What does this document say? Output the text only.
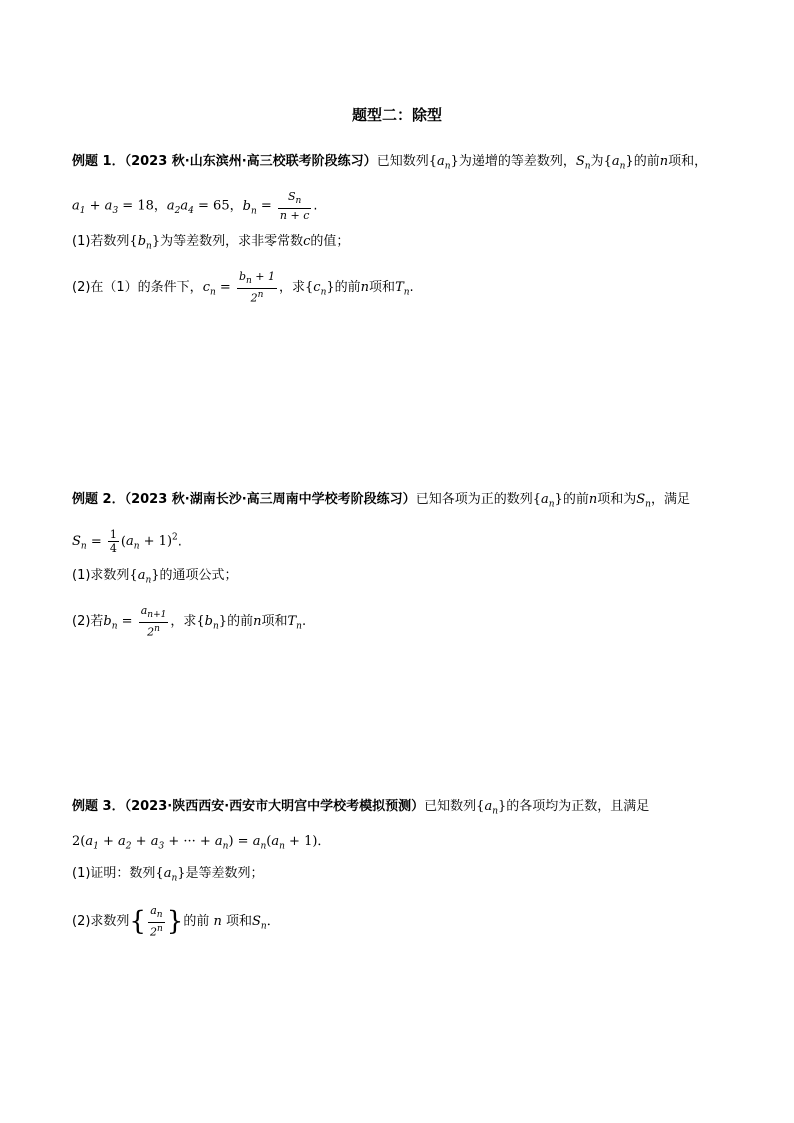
题型二：除型
例题 1．（2023 秋·山东滨州·高三校联考阶段练习）已知数列$\{a_n\}$为递增的等差数列，$S_n$为$\{a_n\}$的前n项和，
$a_1 + a_3 = 18$，$a_2a_4 = 65$，$b_n = \frac{S_n}{n + c}$ .
(1)若数列$\{b_n\}$为等差数列，求非零常数c的值；
(2)在（1）的条件下，$c_n = \frac{b_n + 1}{2^n}$ ，求$\{c_n\}$的前n项和$T_n$.
例题 2．（2023 秋·湖南长沙·高三周南中学校考阶段练习）已知各项为正的数列$\{a_n\}$的前n项和为$S_n$，满足
$S_n = \frac{1}{4} (a_n + 1)^2$.
(1)求数列$\{a_n\}$的通项公式；
(2)若$b_n = \frac{a_{n+1}}{2^n}$ ，求$\{b_n\}$的前n项和$T_n$.
例题 3．（2023·陕西西安·西安市大明宫中学校考模拟预测）已知数列$\{a_n\}$的各项均为正数，且满足
$2(a_1 + a_2 + a_3$ + ··· + $a_n) = a_n(a_n + 1)$．
(1)证明：数列$\{a_n\}$是等差数列；
(2)求数列{ $\frac{a_n}{2^n}$ }的前 n 项和$S_n$．
